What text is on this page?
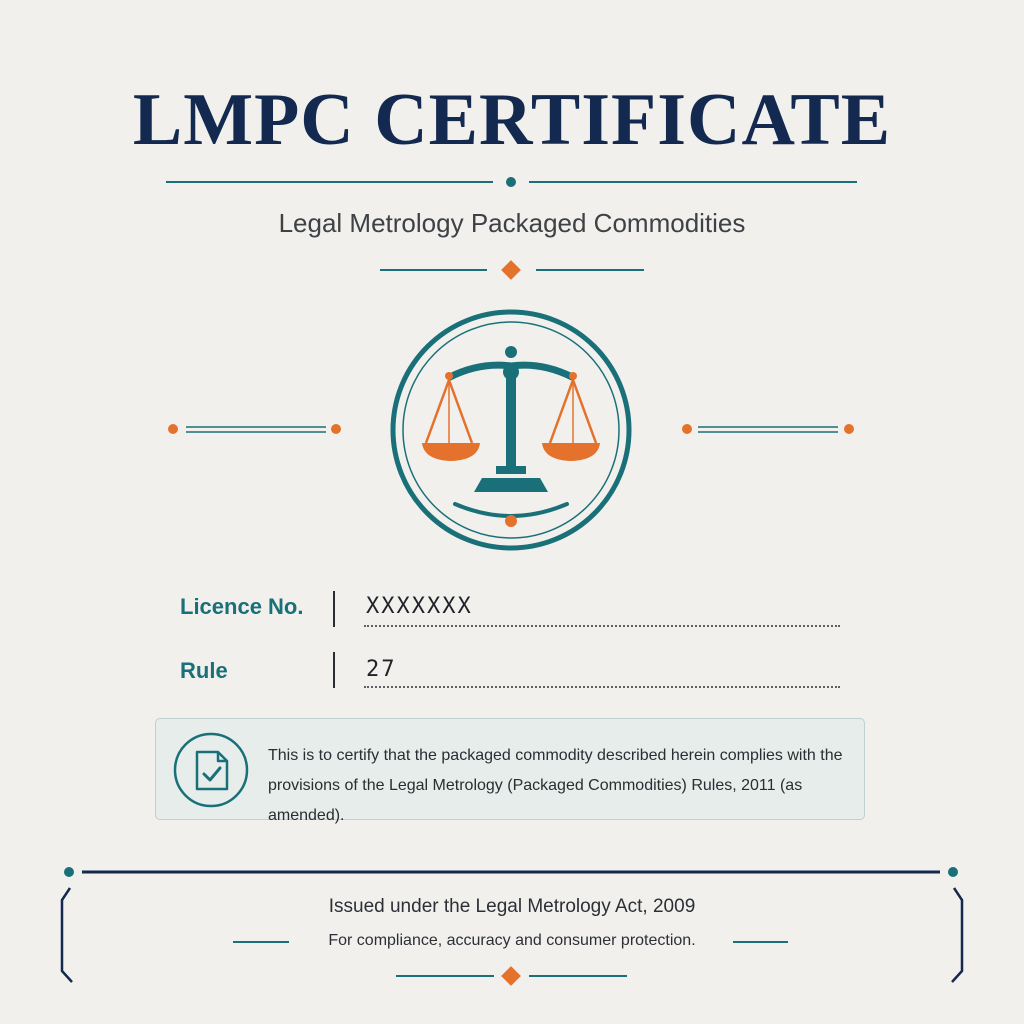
LMPC CERTIFICATE
Legal Metrology Packaged Commodities
Licence No.	XXXXXXX
Rule	27
This is to certify that the packaged commodity described herein complies with the
provisions of the Legal Metrology (Packaged Commodities) Rules, 2011 (as amended).
Issued under the Legal Metrology Act, 2009
For compliance, accuracy and consumer protection.
